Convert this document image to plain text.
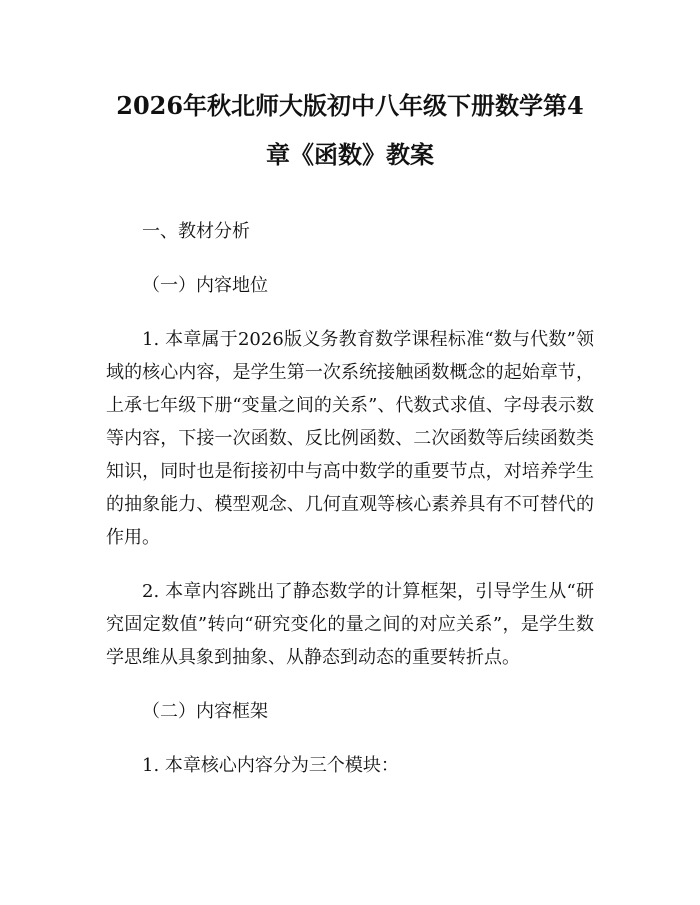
2026年秋北师大版初中八年级下册数学第4章《函数》教案

一、教材分析

（一）内容地位

1. 本章属于2026版义务教育数学课程标准“数与代数”领域的核心内容，是学生第一次系统接触函数概念的起始章节，上承七年级下册“变量之间的关系”、代数式求值、字母表示数等内容，下接一次函数、反比例函数、二次函数等后续函数类知识，同时也是衔接初中与高中数学的重要节点，对培养学生的抽象能力、模型观念、几何直观等核心素养具有不可替代的作用。

2. 本章内容跳出了静态数学的计算框架，引导学生从“研究固定数值”转向“研究变化的量之间的对应关系”，是学生数学思维从具象到抽象、从静态到动态的重要转折点。

（二）内容框架

1. 本章核心内容分为三个模块：
